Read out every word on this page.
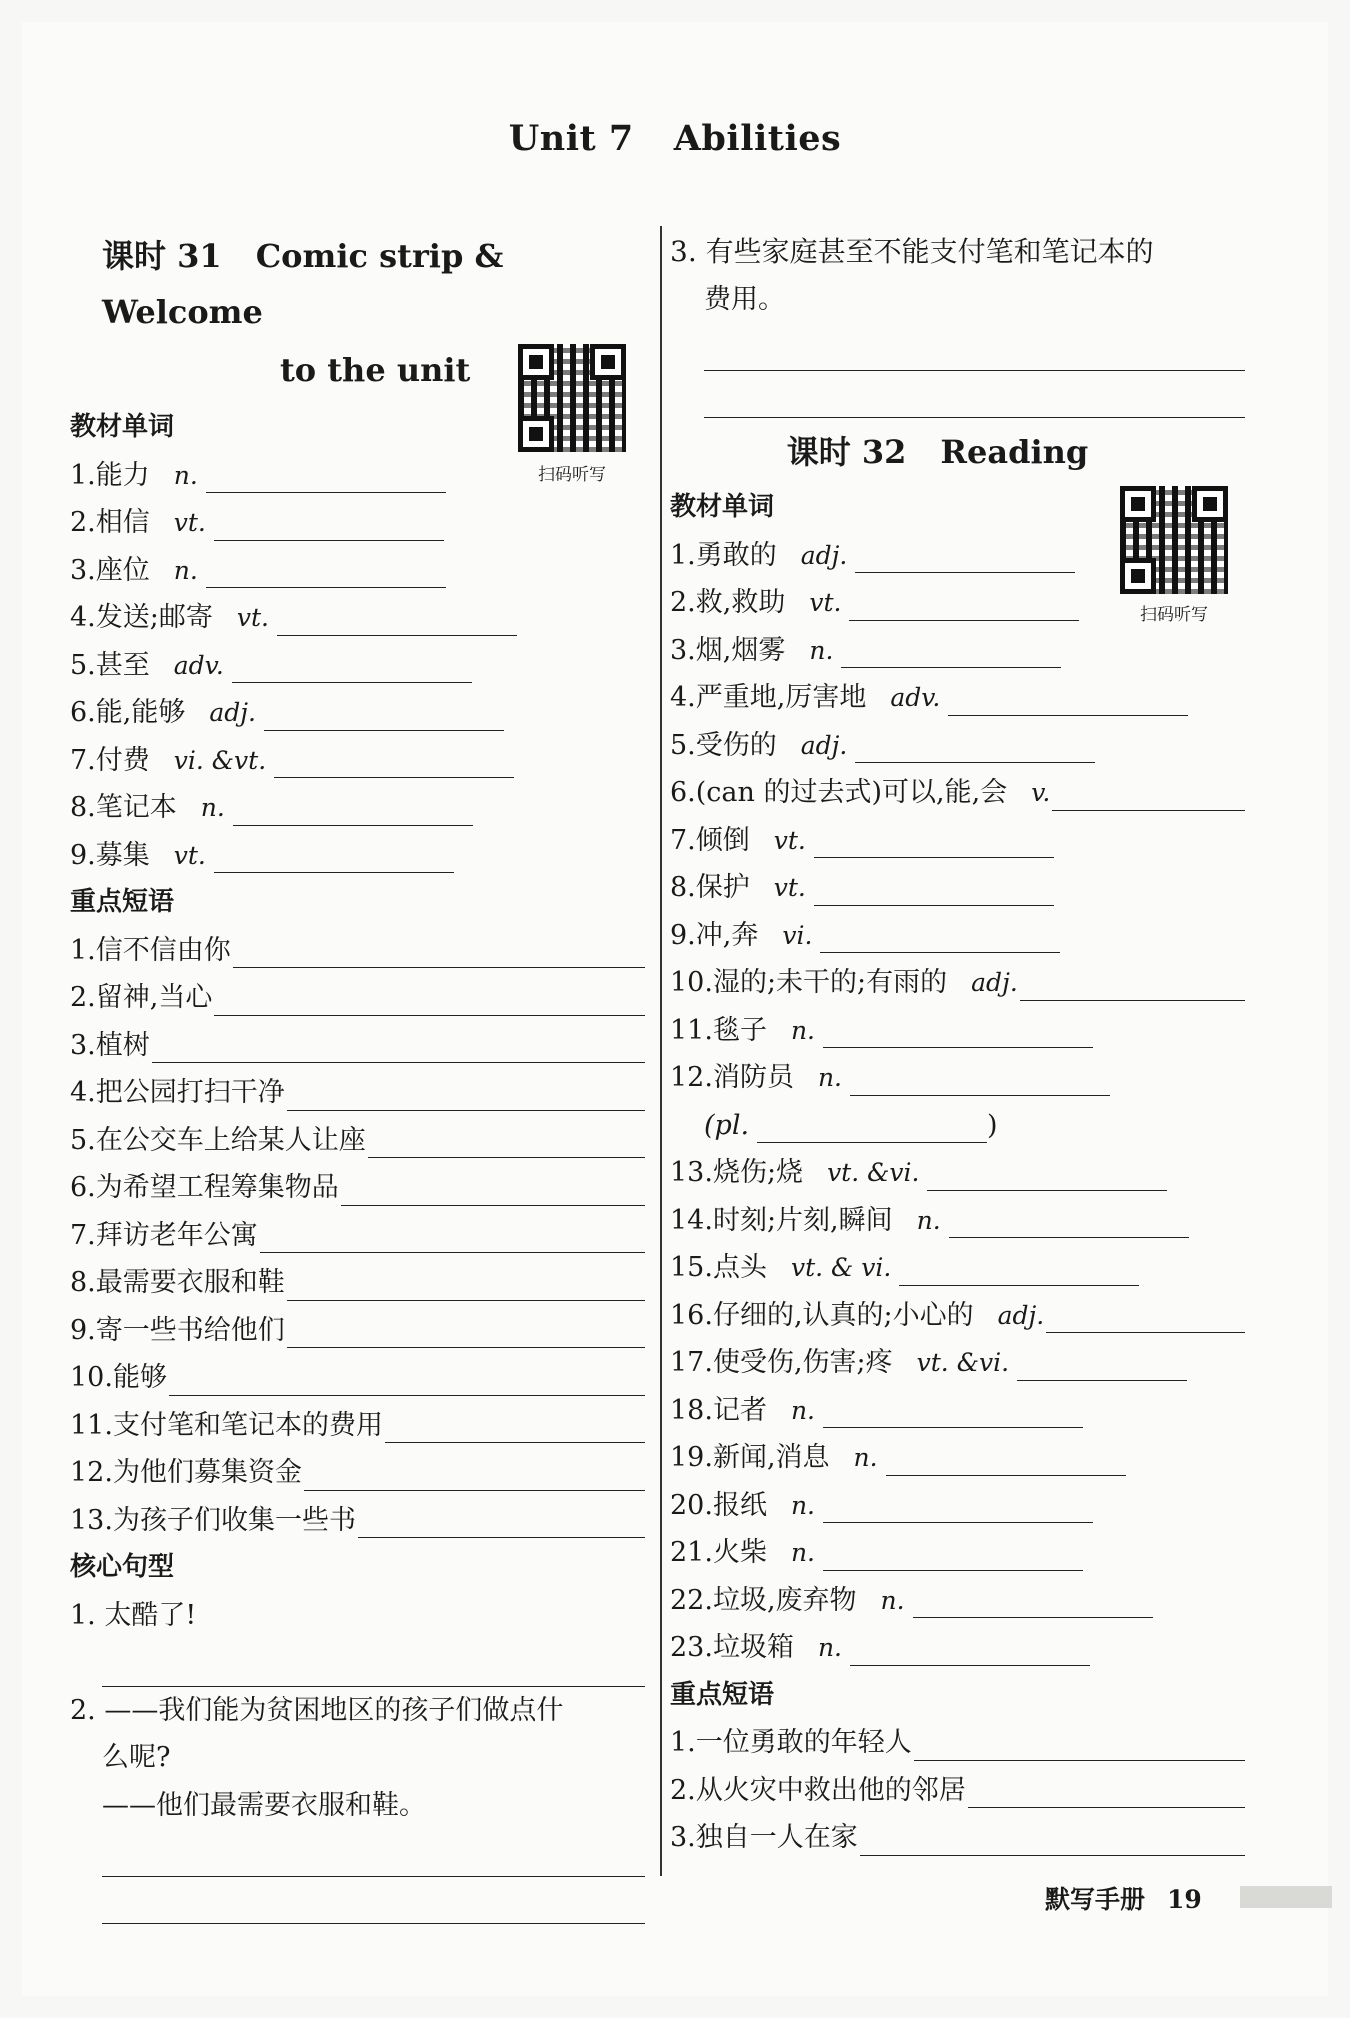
Unit 7 Abilities
课时 31 Comic strip & Welcome
to the unit
教材单词
1. 能力 n.
2. 相信 vt.
3. 座位 n.
4. 发送;邮寄 vt.
5. 甚至 adv.
6. 能,能够 adj.
7. 付费 vi. &vt.
8. 笔记本 n.
9. 募集 vt.
重点短语
1. 信不信由你
2. 留神,当心
3. 植树
4. 把公园打扫干净
5. 在公交车上给某人让座
6. 为希望工程筹集物品
7. 拜访老年公寓
8. 最需要衣服和鞋
9. 寄一些书给他们
10. 能够
11. 支付笔和笔记本的费用
12. 为他们募集资金
13. 为孩子们收集一些书
核心句型
1. 太酷了!
2. ——我们能为贫困地区的孩子们做点什
么呢?
——他们最需要衣服和鞋。
扫码听写
3. 有些家庭甚至不能支付笔和笔记本的
费用。
课时 32 Reading
教材单词
1. 勇敢的 adj.
2. 救,救助 vt.
3. 烟,烟雾 n.
4. 严重地,厉害地 adv.
5. 受伤的 adj.
6. (can 的过去式)可以,能,会 v.
7. 倾倒 vt.
8. 保护 vt.
9. 冲,奔 vi.
10. 湿的;未干的;有雨的 adj.
11. 毯子 n.
12. 消防员 n.
(pl.	)
13. 烧伤;烧 vt. &vi.
14. 时刻;片刻,瞬间 n.
15. 点头 vt. & vi.
16. 仔细的,认真的;小心的 adj.
17. 使受伤,伤害;疼 vt. &vi.
18. 记者 n.
19. 新闻,消息 n.
20. 报纸 n.
21. 火柴 n.
22. 垃圾,废弃物 n.
23. 垃圾箱 n.
重点短语
1. 一位勇敢的年轻人
2. 从火灾中救出他的邻居
3. 独自一人在家
扫码听写
默写手册 19
